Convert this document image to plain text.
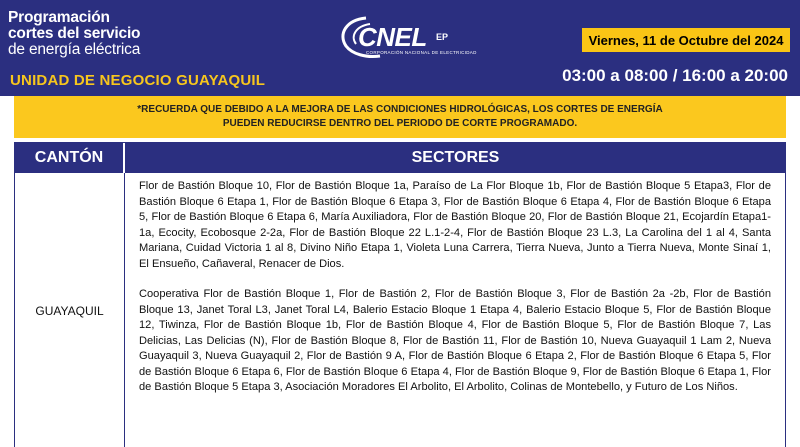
Programación
cortes del servicio
de energía eléctrica
UNIDAD DE NEGOCIO GUAYAQUIL
CNEL EP
CORPORACIÓN NACIONAL DE ELECTRICIDAD
Viernes, 11 de Octubre del 2024
03:00 a 08:00 / 16:00 a 20:00
*RECUERDA QUE DEBIDO A LA MEJORA DE LAS CONDICIONES HIDROLÓGICAS, LOS CORTES DE ENERGÍA
PUEDEN REDUCIRSE DENTRO DEL PERIODO DE CORTE PROGRAMADO.
CANTÓN	SECTORES
GUAYAQUIL

Flor de Bastión Bloque 10, Flor de Bastión Bloque 1a, Paraíso de La Flor Bloque 1b, Flor de Bastión Bloque 5 Etapa3, Flor de Bastión Bloque 6 Etapa 1, Flor de Bastión Bloque 6 Etapa 3, Flor de Bastión Bloque 6 Etapa 4, Flor de Bastión Bloque 6 Etapa 5, Flor de Bastión Bloque 6 Etapa 6, María Auxiliadora, Flor de Bastión Bloque 20, Flor de Bastión Bloque 21, Ecojardín Etapa1-1a, Ecocity, Ecobosque 2-2a, Flor de Bastión Bloque 22 L.1-2-4, Flor de Bastión Bloque 23 L.3, La Carolina del 1 al 4, Santa Mariana, Cuidad Victoria 1 al 8, Divino Niño Etapa 1, Violeta Luna Carrera, Tierra Nueva, Junto a Tierra Nueva, Monte Sinaí 1, El Ensueño, Cañaveral, Renacer de Dios.

Cooperativa Flor de Bastión Bloque 1, Flor de Bastión 2, Flor de Bastión Bloque 3, Flor de Bastión 2a -2b, Flor de Bastión Bloque 13, Janet Toral L3, Janet Toral L4, Balerio Estacio Bloque 1 Etapa 4, Balerio Estacio Bloque 5, Flor de Bastión Bloque 12, Tiwinza, Flor de Bastión Bloque 1b, Flor de Bastión Bloque 4, Flor de Bastión Bloque 5, Flor de Bastión Bloque 7, Las Delicias, Las Delicias (N), Flor de Bastión Bloque 8, Flor de Bastión 11, Flor de Bastión 10, Nueva Guayaquil 1 Lam 2, Nueva Guayaquil 3, Nueva Guayaquil 2, Flor de Bastión 9 A, Flor de Bastión Bloque 6 Etapa 2, Flor de Bastión Bloque 6 Etapa 5, Flor de Bastión Bloque 6 Etapa 6, Flor de Bastión Bloque 6 Etapa 4, Flor de Bastión Bloque 9, Flor de Bastión Bloque 6 Etapa 1, Flor de Bastión Bloque 5 Etapa 3, Asociación Moradores El Arbolito, El Arbolito, Colinas de Montebello, y Futuro de Los Niños.
